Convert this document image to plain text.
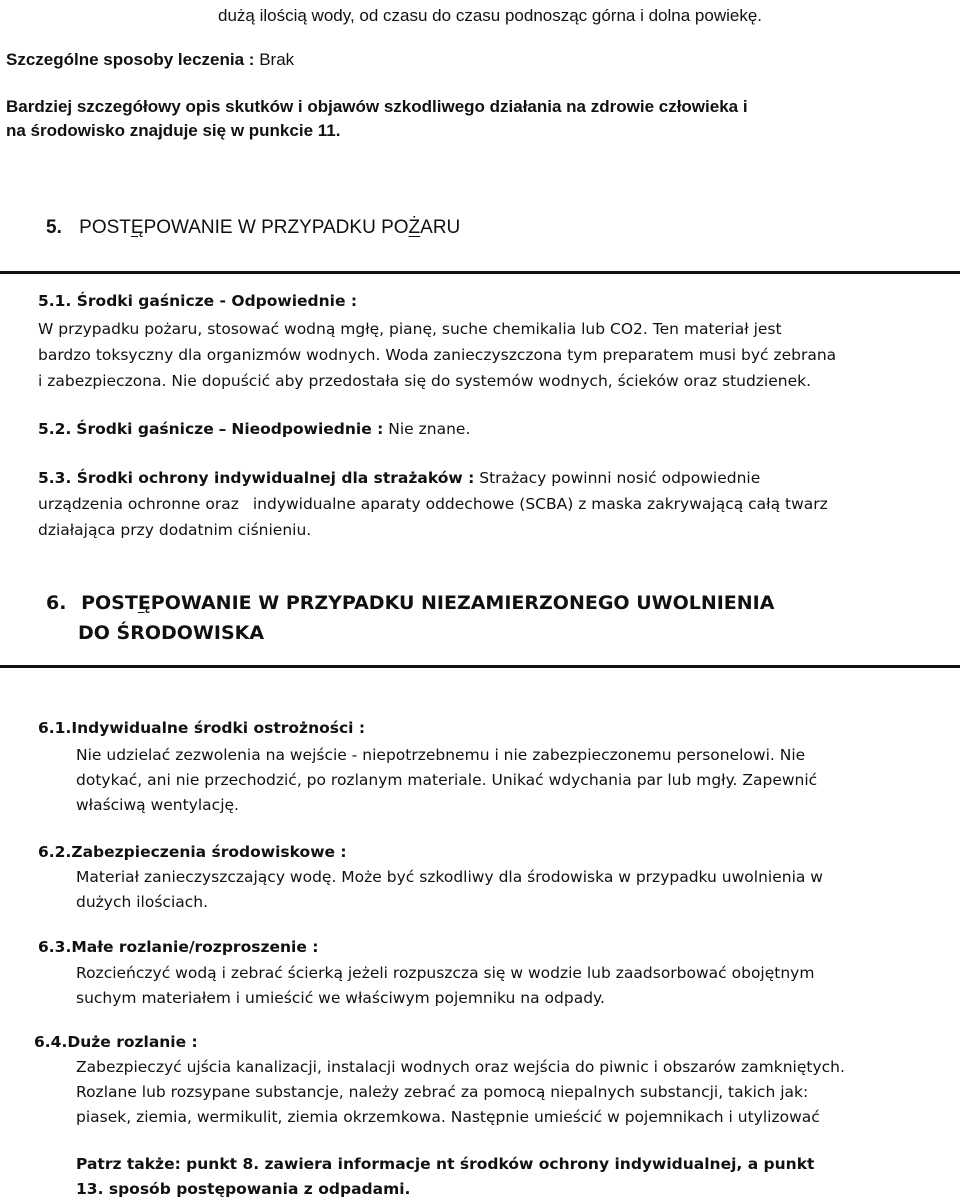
dużą ilością wody, od czasu do czasu podnosząc górna i dolna powiekę.
Szczególne sposoby leczenia : Brak
Bardziej szczegółowy opis skutków i objawów szkodliwego działania na zdrowie człowieka i
na środowisko znajduje się w punkcie 11.
5. POSTĘPOWANIE W PRZYPADKU POŻARU
5.1. Środki gaśnicze - Odpowiednie :
W przypadku pożaru, stosować wodną mgłę, pianę, suche chemikalia lub CO2. Ten materiał jest
bardzo toksyczny dla organizmów wodnych. Woda zanieczyszczona tym preparatem musi być zebrana
i zabezpieczona. Nie dopuścić aby przedostała się do systemów wodnych, ścieków oraz studzienek.
5.2. Środki gaśnicze – Nieodpowiednie : Nie znane.
5.3. Środki ochrony indywidualnej dla strażaków : Strażacy powinni nosić odpowiednie
urządzenia ochronne oraz indywidualne aparaty oddechowe (SCBA) z maska zakrywającą całą twarz
działająca przy dodatnim ciśnieniu.
6. POSTĘPOWANIE W PRZYPADKU NIEZAMIERZONEGO UWOLNIENIA
DO ŚRODOWISKA
6.1.Indywidualne środki ostrożności :
Nie udzielać zezwolenia na wejście - niepotrzebnemu i nie zabezpieczonemu personelowi. Nie
dotykać, ani nie przechodzić, po rozlanym materiale. Unikać wdychania par lub mgły. Zapewnić
właściwą wentylację.
6.2.Zabezpieczenia środowiskowe :
Materiał zanieczyszczający wodę. Może być szkodliwy dla środowiska w przypadku uwolnienia w
dużych ilościach.
6.3.Małe rozlanie/rozproszenie :
Rozcieńczyć wodą i zebrać ścierką jeżeli rozpuszcza się w wodzie lub zaadsorbować obojętnym
suchym materiałem i umieścić we właściwym pojemniku na odpady.
6.4.Duże rozlanie :
Zabezpieczyć ujścia kanalizacji, instalacji wodnych oraz wejścia do piwnic i obszarów zamkniętych.
Rozlane lub rozsypane substancje, należy zebrać za pomocą niepalnych substancji, takich jak:
piasek, ziemia, wermikulit, ziemia okrzemkowa. Następnie umieścić w pojemnikach i utylizować
Patrz także: punkt 8. zawiera informacje nt środków ochrony indywidualnej, a punkt
13. sposób postępowania z odpadami.
